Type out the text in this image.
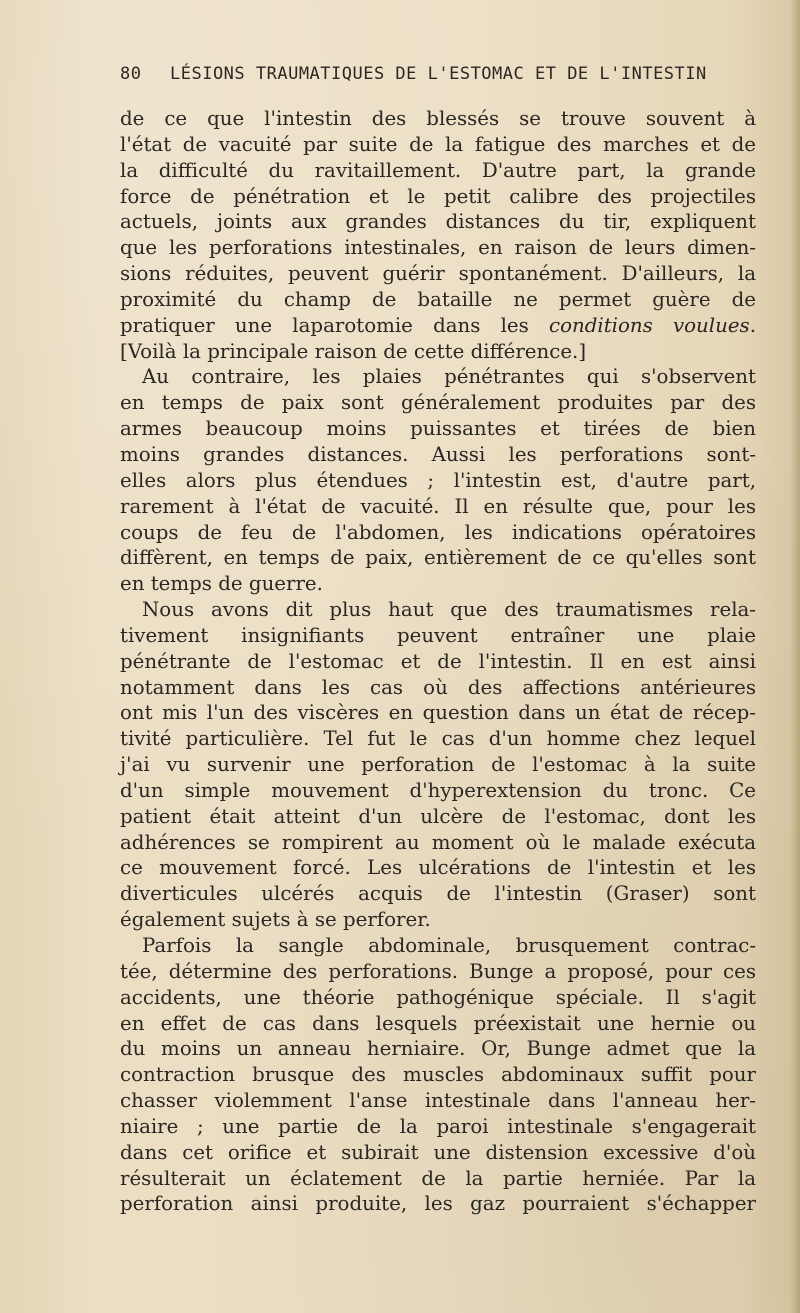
80 LÉSIONS TRAUMATIQUES DE L'ESTOMAC ET DE L'INTESTIN
de ce que l'intestin des blessés se trouve souvent à
l'état de vacuité par suite de la fatigue des marches et de
la difficulté du ravitaillement. D'autre part, la grande
force de pénétration et le petit calibre des projectiles
actuels, joints aux grandes distances du tir, expliquent
que les perforations intestinales, en raison de leurs dimen-
sions réduites, peuvent guérir spontanément. D'ailleurs, la
proximité du champ de bataille ne permet guère de
pratiquer une laparotomie dans les conditions voulues.
[Voilà la principale raison de cette différence.]
Au contraire, les plaies pénétrantes qui s'observent
en temps de paix sont généralement produites par des
armes beaucoup moins puissantes et tirées de bien
moins grandes distances. Aussi les perforations sont-
elles alors plus étendues ; l'intestin est, d'autre part,
rarement à l'état de vacuité. Il en résulte que, pour les
coups de feu de l'abdomen, les indications opératoires
diffèrent, en temps de paix, entièrement de ce qu'elles sont
en temps de guerre.
Nous avons dit plus haut que des traumatismes rela-
tivement insignifiants peuvent entraîner une plaie
pénétrante de l'estomac et de l'intestin. Il en est ainsi
notamment dans les cas où des affections antérieures
ont mis l'un des viscères en question dans un état de récep-
tivité particulière. Tel fut le cas d'un homme chez lequel
j'ai vu survenir une perforation de l'estomac à la suite
d'un simple mouvement d'hyperextension du tronc. Ce
patient était atteint d'un ulcère de l'estomac, dont les
adhérences se rompirent au moment où le malade exécuta
ce mouvement forcé. Les ulcérations de l'intestin et les
diverticules ulcérés acquis de l'intestin (Graser) sont
également sujets à se perforer.
Parfois la sangle abdominale, brusquement contrac-
tée, détermine des perforations. Bunge a proposé, pour ces
accidents, une théorie pathogénique spéciale. Il s'agit
en effet de cas dans lesquels préexistait une hernie ou
du moins un anneau herniaire. Or, Bunge admet que la
contraction brusque des muscles abdominaux suffit pour
chasser violemment l'anse intestinale dans l'anneau her-
niaire ; une partie de la paroi intestinale s'engagerait
dans cet orifice et subirait une distension excessive d'où
résulterait un éclatement de la partie herniée. Par la
perforation ainsi produite, les gaz pourraient s'échapper
